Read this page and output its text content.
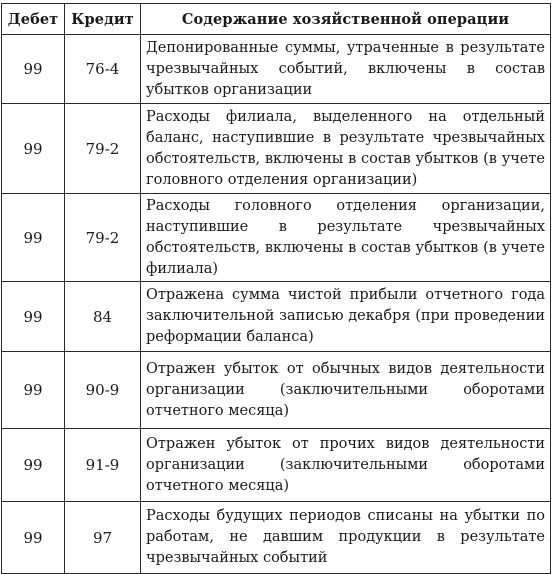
Дебет	Кредит	Содержание хозяйственной операции
99	76-4	Депонированные суммы, утраченные в результате чрезвычайных событий, включены в состав убытков организации
99	79-2	Расходы филиала, выделенного на отдельный баланс, наступившие в результате чрезвычайных обстоятельств, включены в состав убытков (в учете головного отделения организации)
99	79-2	Расходы головного отделения организации, наступившие в результате чрезвычайных обстоятельств, включены в состав убытков (в учете филиала)
99	84	Отражена сумма чистой прибыли отчетного года заключительной записью декабря (при проведении реформации баланса)
99	90-9	Отражен убыток от обычных видов деятельности организации (заключительными оборотами отчетного месяца)
99	91-9	Отражен убыток от прочих видов деятельности организации (заключительными оборотами отчетного месяца)
99	97	Расходы будущих периодов списаны на убытки по работам, не давшим продукции в результате чрезвычайных событий
